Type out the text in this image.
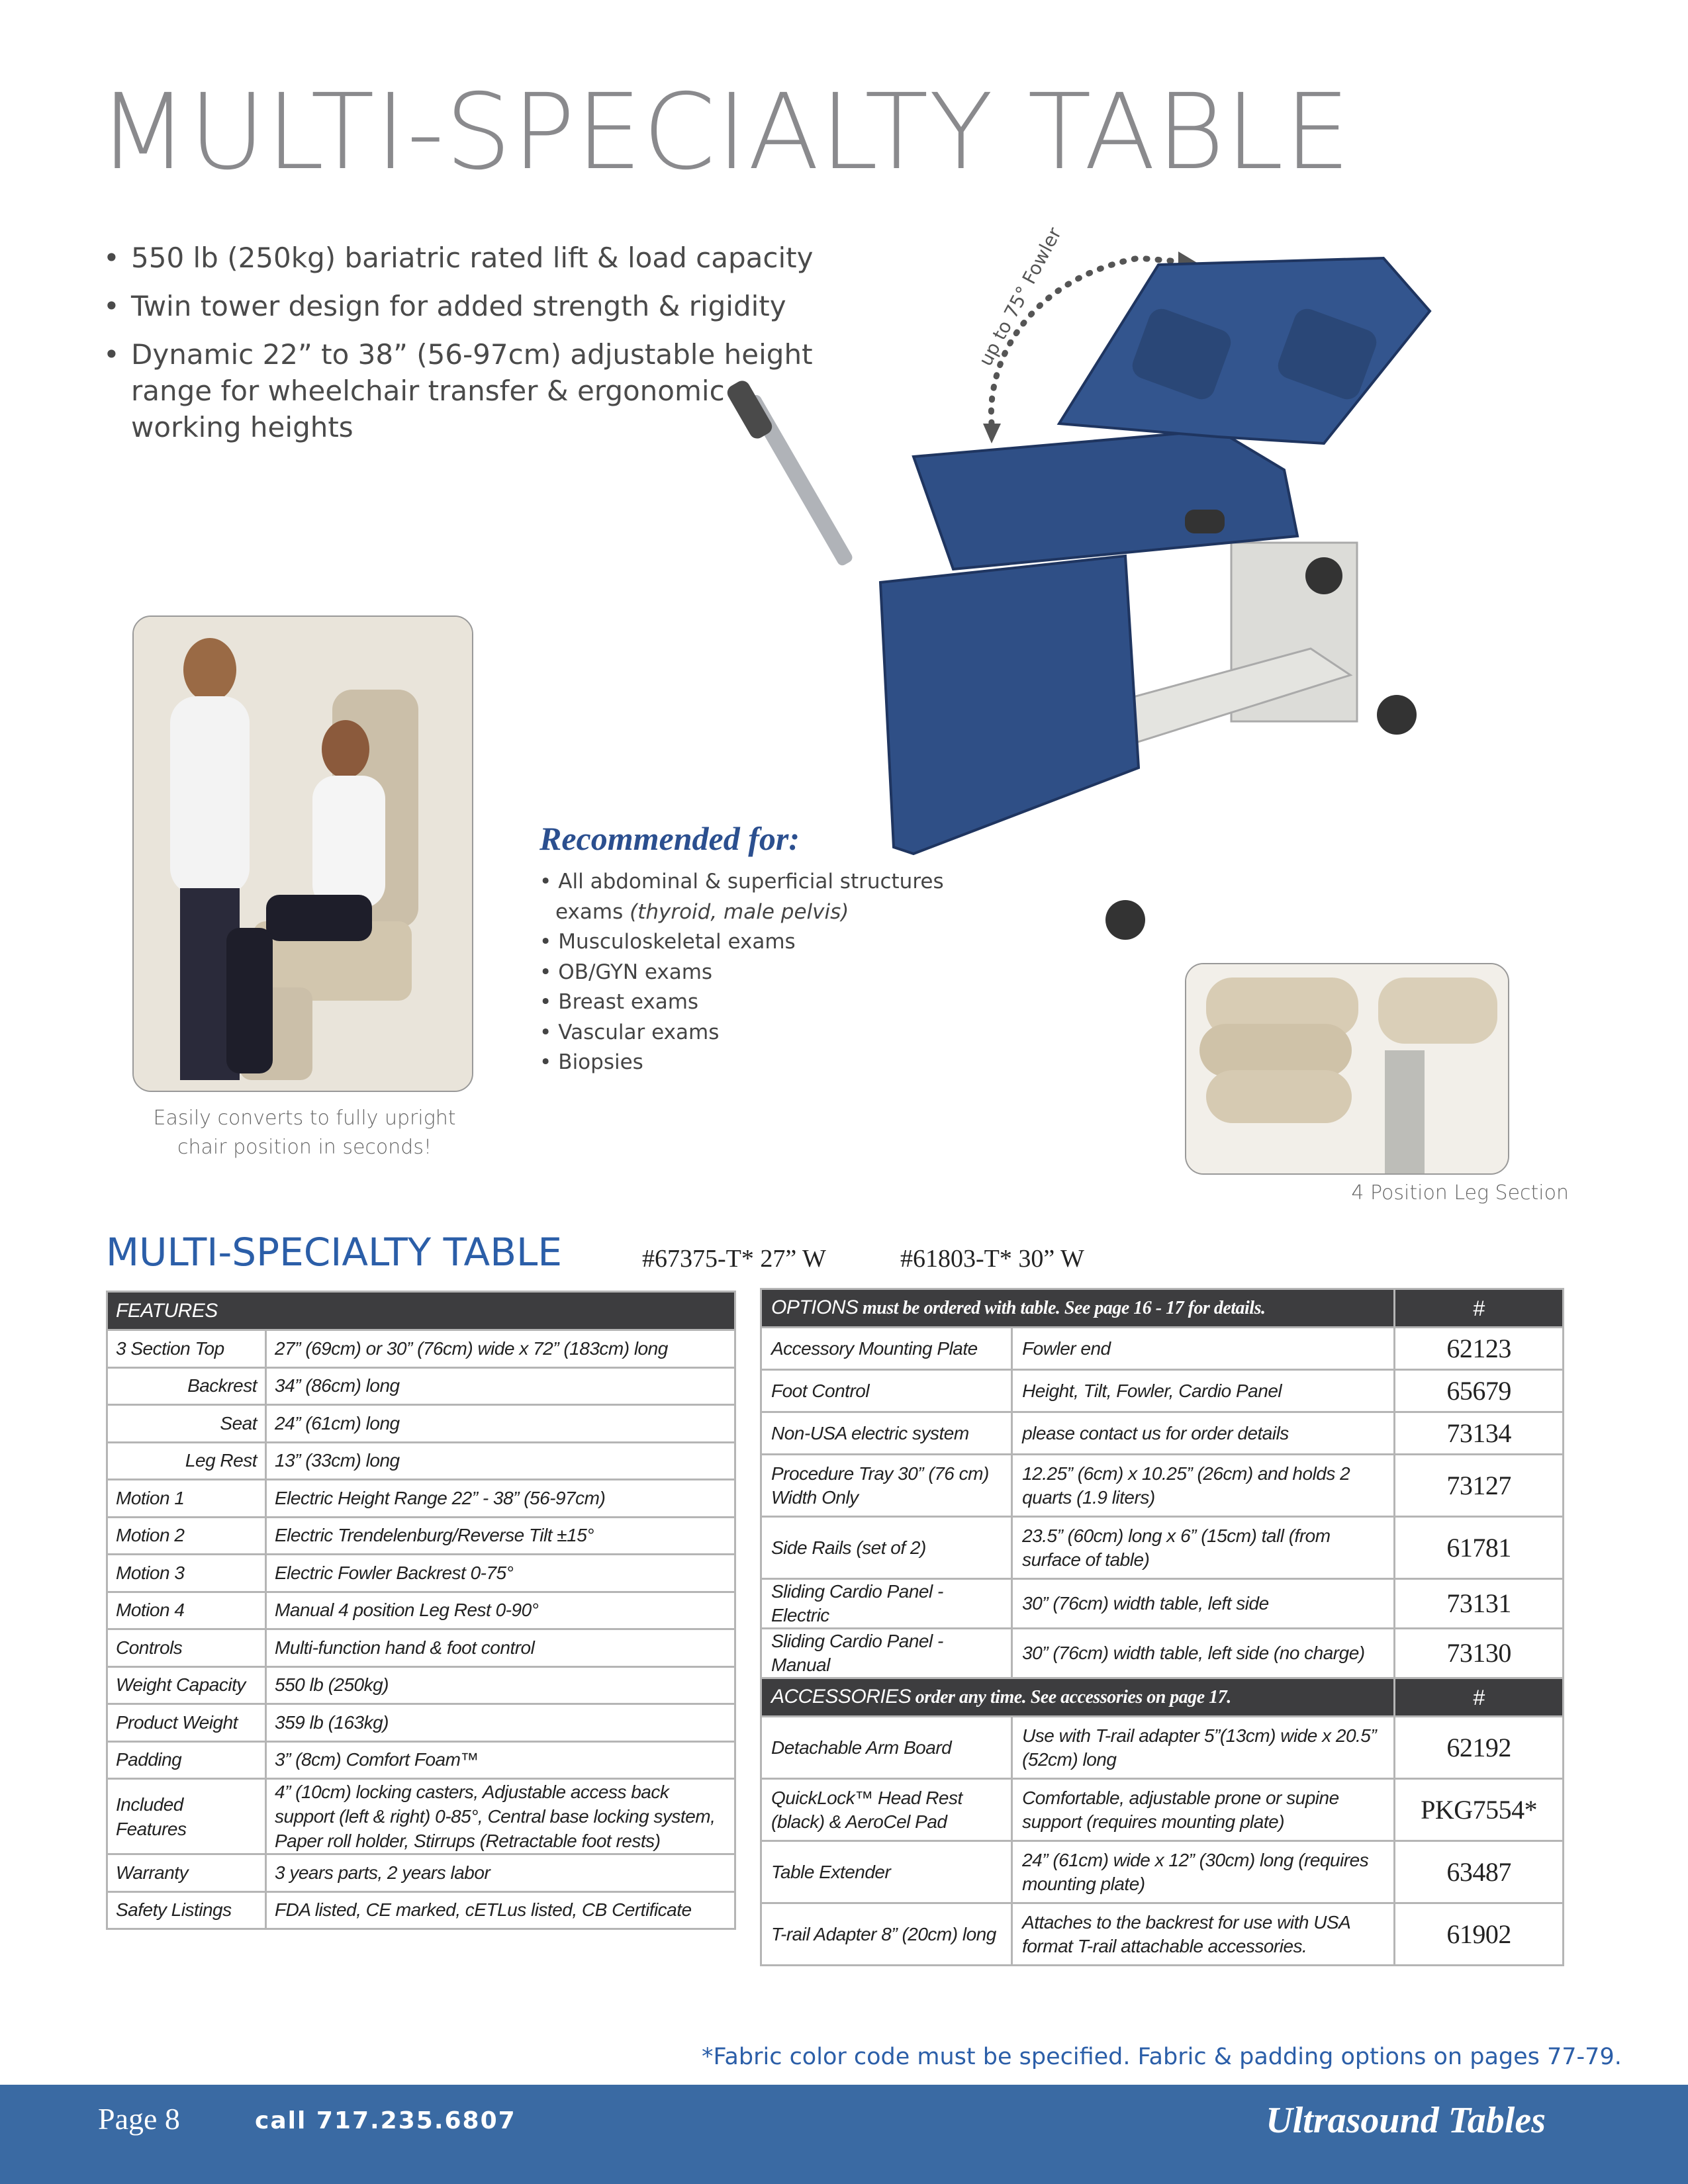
MULTI-SPECIALTY TABLE
• 550 lb (250kg) bariatric rated lift & load capacity
• Twin tower design for added strength & rigidity
• Dynamic 22” to 38” (56-97cm) adjustable height range for wheelchair transfer & ergonomic working heights
up to 75° Fowler angle
Easily converts to fully upright chair position in seconds!
4 Position Leg Section
Recommended for:
• All abdominal & superficial structures
exams (thyroid, male pelvis)
• Musculoskeletal exams
• OB/GYN exams
• Breast exams
• Vascular exams
• Biopsies
MULTI-SPECIALTY TABLE	#67375-T* 27” W	#61803-T* 30” W
FEATURES	
3 Section Top	27” (69cm) or 30” (76cm) wide x 72” (183cm) long
Backrest	34” (86cm) long
Seat	24” (61cm) long
Leg Rest	13” (33cm) long
Motion 1	Electric Height Range 22” - 38” (56-97cm)
Motion 2	Electric Trendelenburg/Reverse Tilt ±15°
Motion 3	Electric Fowler Backrest 0-75°
Motion 4	Manual 4 position Leg Rest 0-90°
Controls	Multi-function hand & foot control
Weight Capacity	550 lb (250kg)
Product Weight	359 lb (163kg)
Padding	3” (8cm) Comfort Foam™
Included Features	4” (10cm) locking casters, Adjustable access back support (left & right) 0-85°, Central base locking system, Paper roll holder, Stirrups (Retractable foot rests)
Warranty	3 years parts, 2 years labor
Safety Listings	FDA listed, CE marked, cETLus listed, CB Certificate
OPTIONS must be ordered with table. See page 16 - 17 for details.		#
Accessory Mounting Plate	Fowler end	62123
Foot Control	Height, Tilt, Fowler, Cardio Panel	65679
Non-USA electric system	please contact us for order details	73134
Procedure Tray 30” (76 cm) Width Only	12.25” (6cm) x 10.25” (26cm) and holds 2 quarts (1.9 liters)	73127
Side Rails (set of 2)	23.5” (60cm) long x 6” (15cm) tall (from surface of table)	61781
Sliding Cardio Panel - Electric	30” (76cm) width table, left side	73131
Sliding Cardio Panel - Manual	30” (76cm) width table, left side (no charge)	73130
ACCESSORIES order any time. See accessories on page 17.		#
Detachable Arm Board	Use with T-rail adapter 5”(13cm) wide x 20.5” (52cm) long	62192
QuickLock™ Head Rest (black) & AeroCel Pad	Comfortable, adjustable prone or supine support (requires mounting plate)	PKG7554*
Table Extender	24” (61cm) wide x 12” (30cm) long (requires mounting plate)	63487
T-rail Adapter 8” (20cm) long	Attaches to the backrest for use with USA format T-rail attachable accessories.	61902
*Fabric color code must be specified. Fabric & padding options on pages 77-79.
Page 8	call 717.235.6807	Ultrasound Tables
